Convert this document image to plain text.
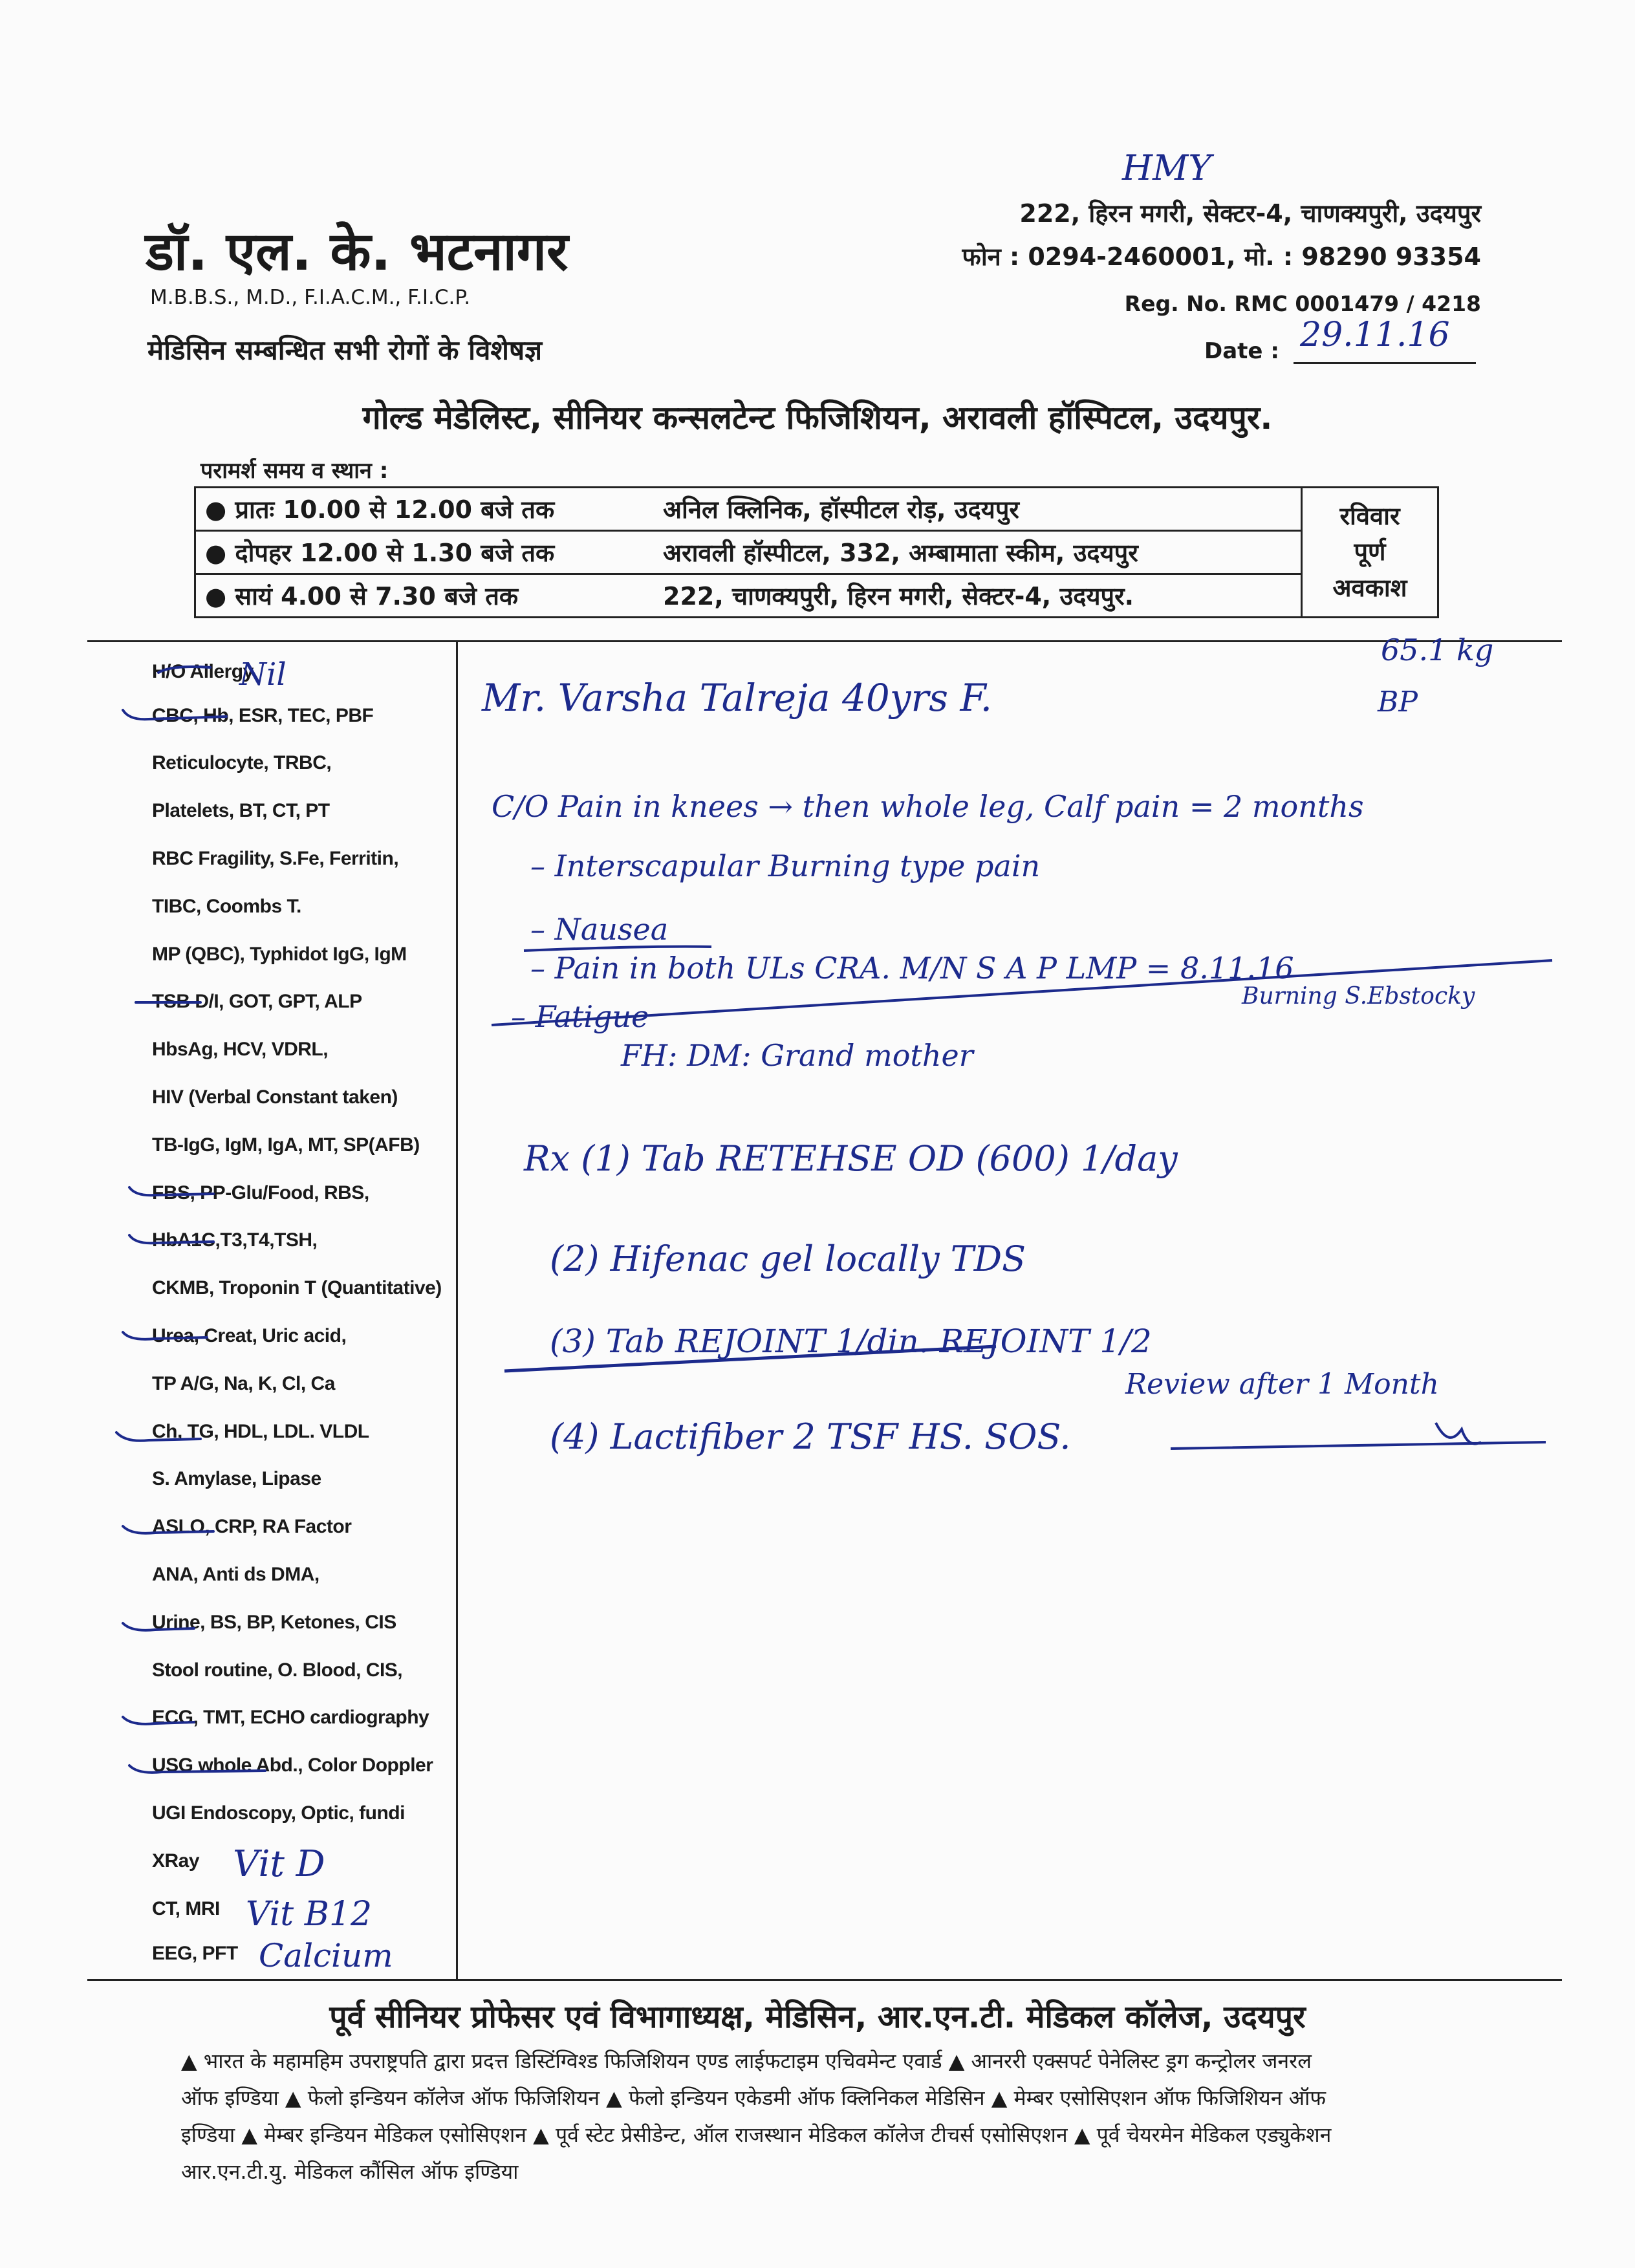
डॉ. एल. के. भटनागर
M.B.B.S., M.D., F.I.A.C.M., F.I.C.P.
मेडिसिन सम्बन्धित सभी रोगों के विशेषज्ञ
HMY
222, हिरन मगरी, सेक्टर-4, चाणक्यपुरी, उदयपुर
फोन : 0294-2460001, मो. : 98290 93354
Reg. No. RMC 0001479 / 4218
Date : 29.11.16
गोल्ड मेडेलिस्ट, सीनियर कन्सलटेन्ट फिजिशियन, अरावली हॉस्पिटल, उदयपुर.
परामर्श समय व स्थान :
● प्रातः 10.00 से 12.00 बजे तक	अनिल क्लिनिक, हॉस्पीटल रोड़, उदयपुर	रविवार
पूर्ण
अवकाश

● दोपहर 12.00 से 1.30 बजे तक	अरावली हॉस्पीटल, 332, अम्बामाता स्कीम, उदयपुर	
● सायं 4.00 से 7.30 बजे तक	222, चाणक्यपुरी, हिरन मगरी, सेक्टर-4, उदयपुर.	
H/O Allergy
CBC, Hb, ESR, TEC, PBF
Reticulocyte, TRBC,
Platelets, BT, CT, PT
RBC Fragility, S.Fe, Ferritin,
TIBC, Coombs T.
MP (QBC), Typhidot IgG, IgM
TSB D/I, GOT, GPT, ALP
HbsAg, HCV, VDRL,
HIV (Verbal Constant taken)
TB-IgG, IgM, IgA, MT, SP(AFB)
FBS, PP-Glu/Food, RBS,
HbA1C,T3,T4,TSH,
CKMB, Troponin T (Quantitative)
Urea, Creat, Uric acid,
TP A/G, Na, K, Cl, Ca
Ch, TG, HDL, LDL. VLDL
S. Amylase, Lipase
ASLO, CRP, RA Factor
ANA, Anti ds DMA,
Urine, BS, BP, Ketones, CIS
Stool routine, O. Blood, CIS,
ECG, TMT, ECHO cardiography
USG whole Abd., Color Doppler
UGI Endoscopy, Optic, fundi
XRay
CT, MRI
EEG, PFT
Nil
Mr. Varsha Talreja 40yrs F.
65.1 kg
BP
C/O Pain in knees → then whole leg, Calf pain = 2 months
– Interscapular Burning type pain
– Nausea
– Pain in both ULs CRA. M/N S A P LMP = 8.11.16
– Fatigue
Burning S.Ebstocky
FH: DM: Grand mother
Rx (1) Tab RETEHSE OD (600) 1/day
(2) Hifenac gel locally TDS
(3) Tab REJOINT 1/din. REJOINT 1/2
Review after 1 Month
(4) Lactifiber 2 TSF HS. SOS.
Vit D
Vit B12
Calcium
पूर्व सीनियर प्रोफेसर एवं विभागाध्यक्ष, मेडिसिन, आर.एन.टी. मेडिकल कॉलेज, उदयपुर
▲ भारत के महामहिम उपराष्ट्रपति द्वारा प्रदत्त डिस्टिंग्विश्ड फिजिशियन एण्ड लाईफटाइम एचिवमेन्ट एवार्ड ▲ आनररी एक्सपर्ट पेनेलिस्ट ड्रग कन्ट्रोलर जनरल
ऑफ इण्डिया ▲ फेलो इन्डियन कॉलेज ऑफ फिजिशियन ▲ फेलो इन्डियन एकेडमी ऑफ क्लिनिकल मेडिसिन ▲ मेम्बर एसोसिएशन ऑफ फिजिशियन ऑफ
इण्डिया ▲ मेम्बर इन्डियन मेडिकल एसोसिएशन ▲ पूर्व स्टेट प्रेसीडेन्ट, ऑल राजस्थान मेडिकल कॉलेज टीचर्स एसोसिएशन ▲ पूर्व चेयरमेन मेडिकल एड्युकेशन
आर.एन.टी.यु. मेडिकल कौंसिल ऑफ इण्डिया
